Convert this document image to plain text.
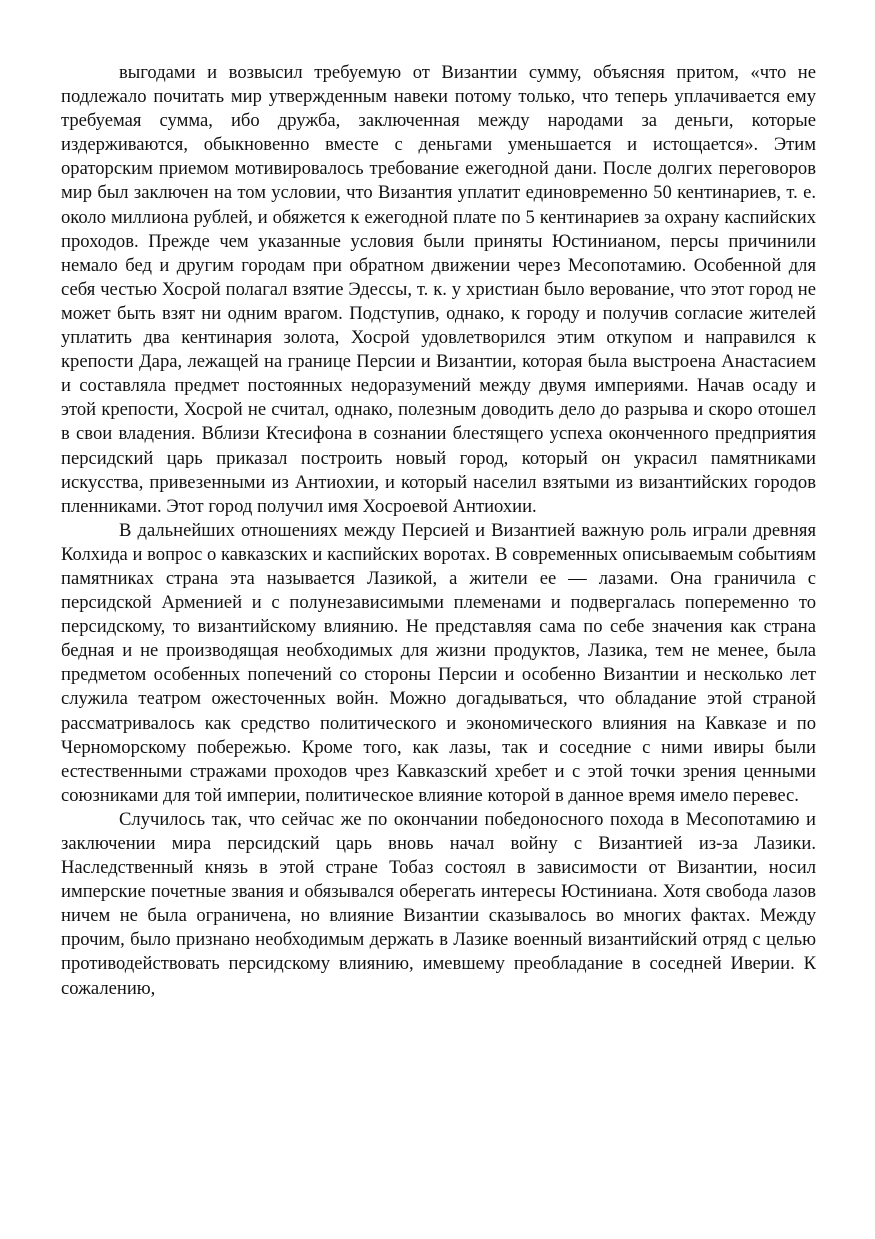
выгодами и возвысил требуемую от Византии сумму, объясняя притом, «что не подлежало почитать мир утвержденным навеки потому только, что теперь уплачивается ему требуемая сумма, ибо дружба, заключенная между народами за деньги, которые издерживаются, обыкновенно вместе с деньгами уменьшается и истощается». Этим ораторским приемом мотивировалось требование ежегодной дани. После долгих переговоров мир был заключен на том условии, что Византия уплатит единовременно 50 кентинариев, т. е. около миллиона рублей, и обяжется к ежегодной плате по 5 кентинариев за охрану каспийских проходов. Прежде чем указанные условия были приняты Юстинианом, персы причинили немало бед и другим городам при обратном движении через Месопотамию. Особенной для себя честью Хосрой полагал взятие Эдессы, т. к. у христиан было верование, что этот город не может быть взят ни одним врагом. Подступив, однако, к городу и получив согласие жителей уплатить два кентинария золота, Хосрой удовлетворился этим откупом и направился к крепости Дара, лежащей на границе Персии и Византии, которая была выстроена Анастасием и составляла предмет постоянных недоразумений между двумя империями. Начав осаду и этой крепости, Хосрой не считал, однако, полезным доводить дело до разрыва и скоро отошел в свои владения. Вблизи Ктесифона в сознании блестящего успеха оконченного предприятия персидский царь приказал построить новый город, который он украсил памятниками искусства, привезенными из Антиохии, и который населил взятыми из византийских городов пленниками. Этот город получил имя Хосроевой Антиохии.

В дальнейших отношениях между Персией и Византией важную роль играли древняя Колхида и вопрос о кавказских и каспийских воротах. В современных описываемым событиям памятниках страна эта называется Лазикой, а жители ее — лазами. Она граничила с персидской Арменией и с полунезависимыми племенами и подвергалась попеременно то персидскому, то византийскому влиянию. Не представляя сама по себе значения как страна бедная и не производящая необходимых для жизни продуктов, Лазика, тем не менее, была предметом особенных попечений со стороны Персии и особенно Византии и несколько лет служила театром ожесточенных войн. Можно догадываться, что обладание этой страной рассматривалось как средство политического и экономического влияния на Кавказе и по Черноморскому побережью. Кроме того, как лазы, так и соседние с ними ивиры были естественными стражами проходов чрез Кавказский хребет и с этой точки зрения ценными союзниками для той империи, политическое влияние которой в данное время имело перевес.

Случилось так, что сейчас же по окончании победоносного похода в Месопотамию и заключении мира персидский царь вновь начал войну с Византией из-за Лазики. Наследственный князь в этой стране Тобаз состоял в зависимости от Византии, носил имперские почетные звания и обязывался оберегать интересы Юстиниана. Хотя свобода лазов ничем не была ограничена, но влияние Византии сказывалось во многих фактах. Между прочим, было признано необходимым держать в Лазике военный византийский отряд с целью противодействовать персидскому влиянию, имевшему преобладание в соседней Иверии. К сожалению,
